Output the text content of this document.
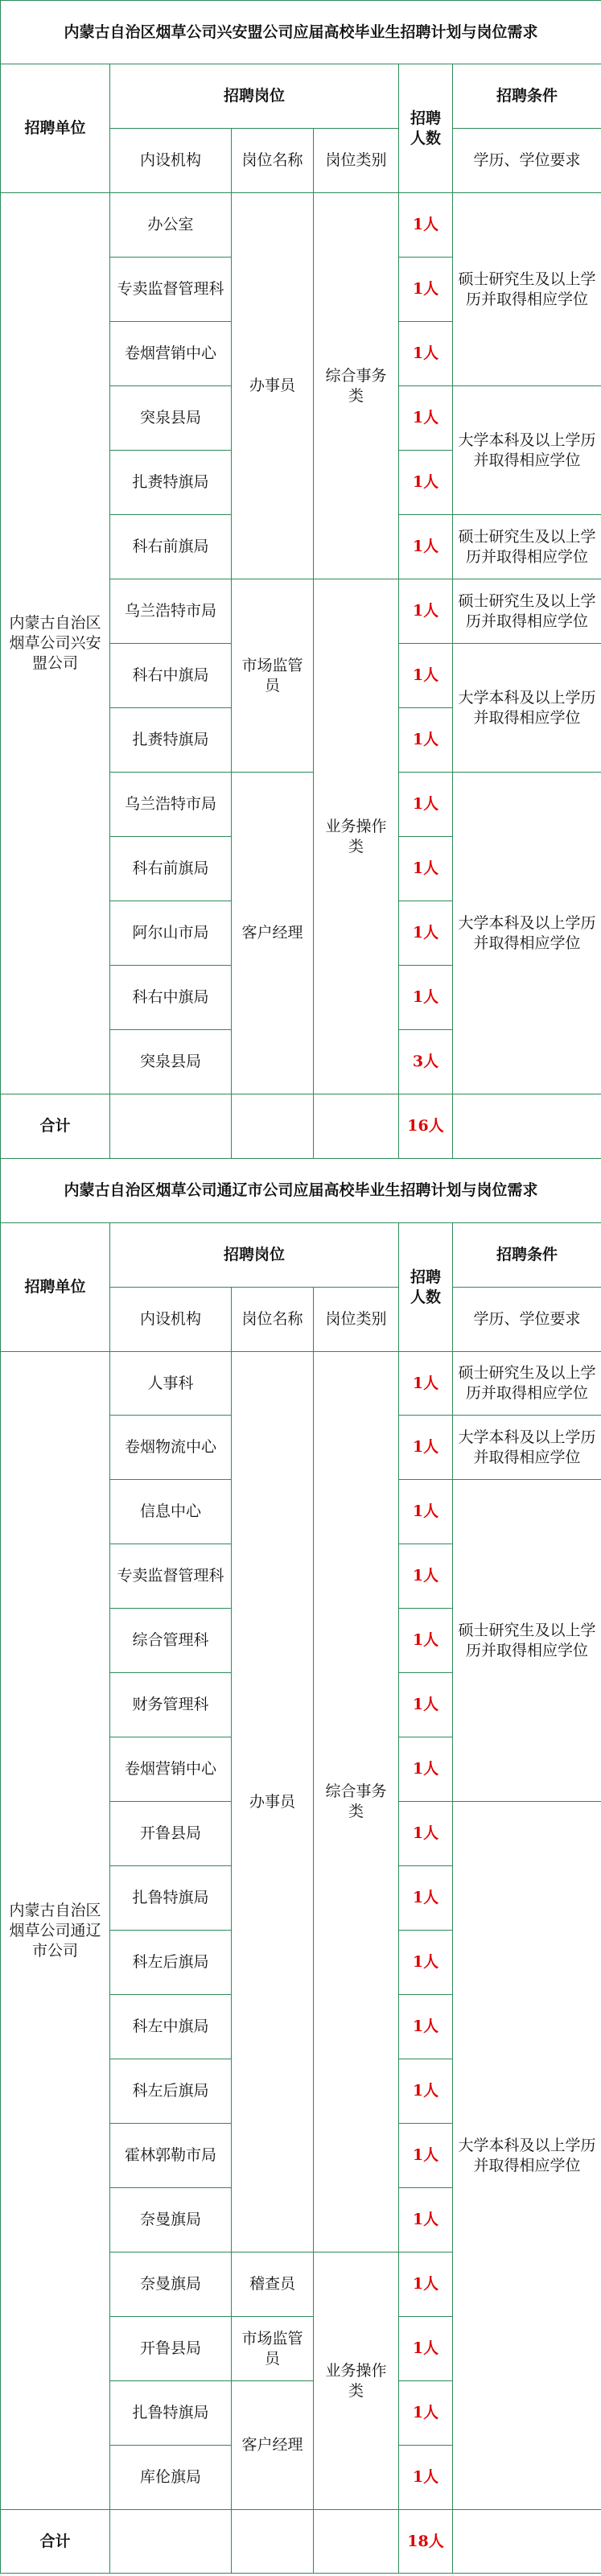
内蒙古自治区烟草公司兴安盟公司应届高校毕业生招聘计划与岗位需求					
招聘单位	招聘岗位			招聘人数	招聘条件
	内设机构	岗位名称	岗位类别		学历、学位要求
内蒙古自治区烟草公司兴安盟公司	办公室	办事员	综合事务类	1人	硕士研究生及以上学历并取得相应学位
	专卖监督管理科			1人	
	卷烟营销中心			1人	
	突泉县局			1人	大学本科及以上学历并取得相应学位
	扎赉特旗局			1人	
	科右前旗局			1人	硕士研究生及以上学历并取得相应学位
	乌兰浩特市局	市场监管员	业务操作类	1人	硕士研究生及以上学历并取得相应学位
	科右中旗局			1人	大学本科及以上学历并取得相应学位
	扎赉特旗局			1人	
	乌兰浩特市局	客户经理		1人	大学本科及以上学历并取得相应学位
	科右前旗局			1人	
	阿尔山市局			1人	
	科右中旗局			1人	
	突泉县局			3人	
合计				16人	
内蒙古自治区烟草公司通辽市公司应届高校毕业生招聘计划与岗位需求					
招聘单位	招聘岗位			招聘人数	招聘条件
	内设机构	岗位名称	岗位类别		学历、学位要求
内蒙古自治区烟草公司通辽市公司	人事科	办事员	综合事务类	1人	硕士研究生及以上学历并取得相应学位
	卷烟物流中心			1人	大学本科及以上学历并取得相应学位
	信息中心			1人	硕士研究生及以上学历并取得相应学位
	专卖监督管理科			1人	
	综合管理科			1人	
	财务管理科			1人	
	卷烟营销中心			1人	
	开鲁县局			1人	大学本科及以上学历并取得相应学位
	扎鲁特旗局			1人	
	科左后旗局			1人	
	科左中旗局			1人	
	科左后旗局			1人	
	霍林郭勒市局			1人	
	奈曼旗局			1人	
	奈曼旗局	稽查员	业务操作类	1人	
	开鲁县局	市场监管员		1人	
	扎鲁特旗局	客户经理		1人	
	库伦旗局			1人	
合计				18人	
